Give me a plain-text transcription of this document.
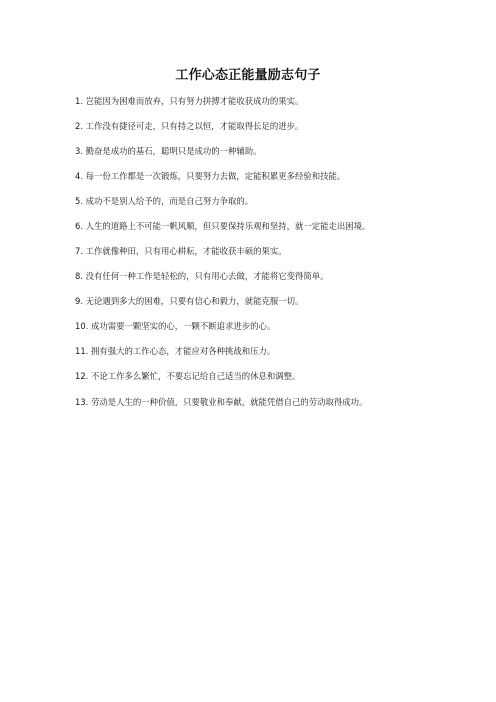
工作心态正能量励志句子
1. 岂能因为困难而放弃，只有努力拼搏才能收获成功的果实。
2. 工作没有捷径可走，只有持之以恒，才能取得长足的进步。
3. 勤奋是成功的基石，聪明只是成功的一种辅助。
4. 每一份工作都是一次锻炼，只要努力去做，定能积累更多经验和技能。
5. 成功不是别人给予的，而是自己努力争取的。
6. 人生的道路上不可能一帆风顺，但只要保持乐观和坚持，就一定能走出困境。
7. 工作就像种田，只有用心耕耘，才能收获丰硕的果实。
8. 没有任何一种工作是轻松的，只有用心去做，才能将它变得简单。
9. 无论遇到多大的困难，只要有信心和毅力，就能克服一切。
10. 成功需要一颗坚实的心，一颗不断追求进步的心。
11. 拥有强大的工作心态，才能应对各种挑战和压力。
12. 不论工作多么繁忙，不要忘记给自己适当的休息和调整。
13. 劳动是人生的一种价值，只要敬业和奉献，就能凭借自己的劳动取得成功。
